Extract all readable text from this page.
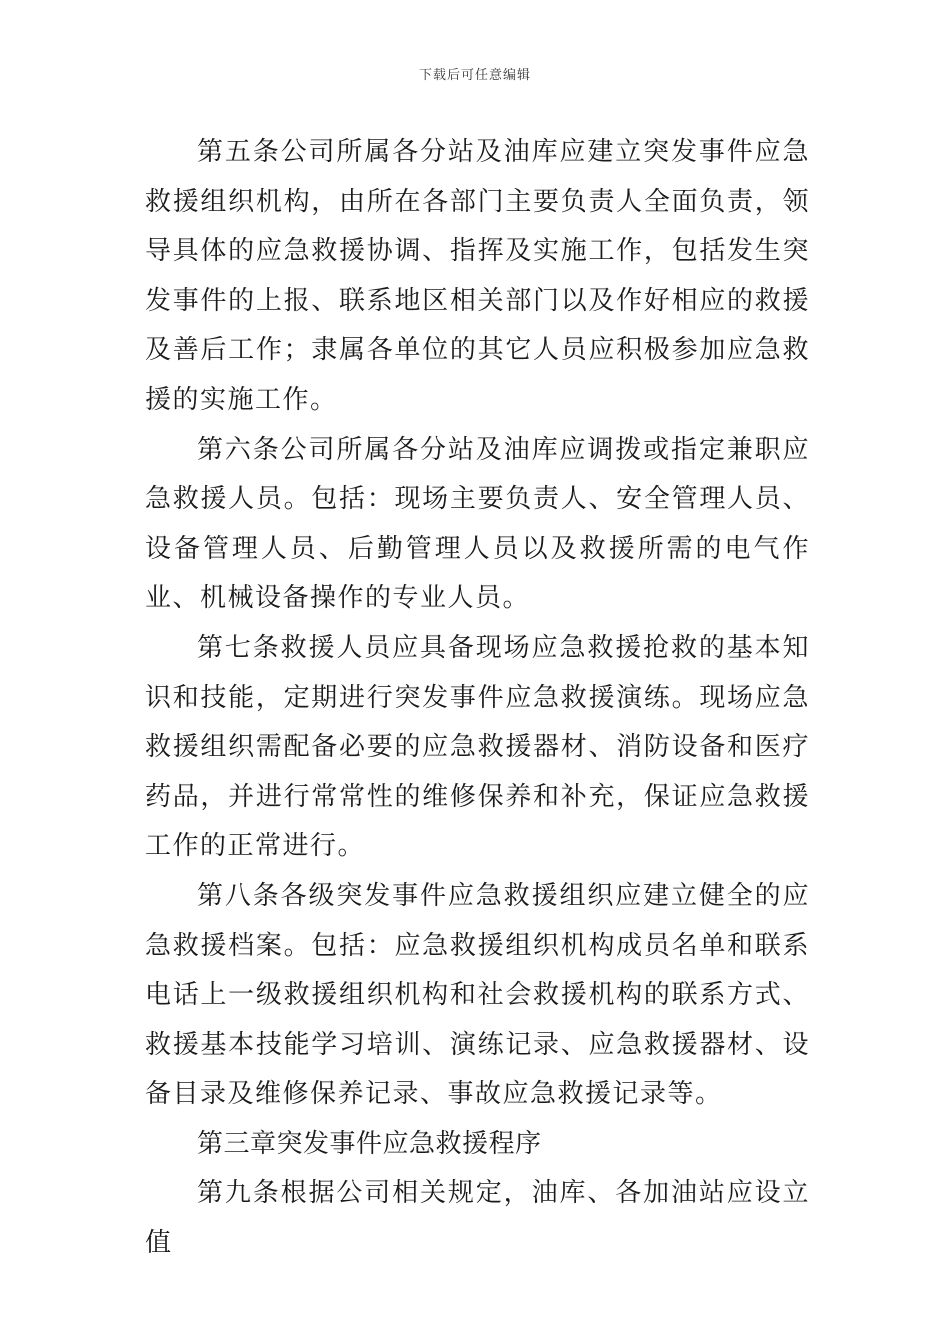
下载后可任意编辑

第五条公司所属各分站及油库应建立突发事件应急救援组织机构，由所在各部门主要负责人全面负责，领导具体的应急救援协调、指挥及实施工作，包括发生突发事件的上报、联系地区相关部门以及作好相应的救援及善后工作；隶属各单位的其它人员应积极参加应急救援的实施工作。

第六条公司所属各分站及油库应调拨或指定兼职应急救援人员。包括：现场主要负责人、安全管理人员、设备管理人员、后勤管理人员以及救援所需的电气作业、机械设备操作的专业人员。

第七条救援人员应具备现场应急救援抢救的基本知识和技能，定期进行突发事件应急救援演练。现场应急救援组织需配备必要的应急救援器材、消防设备和医疗药品，并进行常常性的维修保养和补充，保证应急救援工作的正常进行。

第八条各级突发事件应急救援组织应建立健全的应急救援档案。包括：应急救援组织机构成员名单和联系电话上一级救援组织机构和社会救援机构的联系方式、救援基本技能学习培训、演练记录、应急救援器材、设备目录及维修保养记录、事故应急救援记录等。

第三章突发事件应急救援程序

第九条根据公司相关规定，油库、各加油站应设立值
